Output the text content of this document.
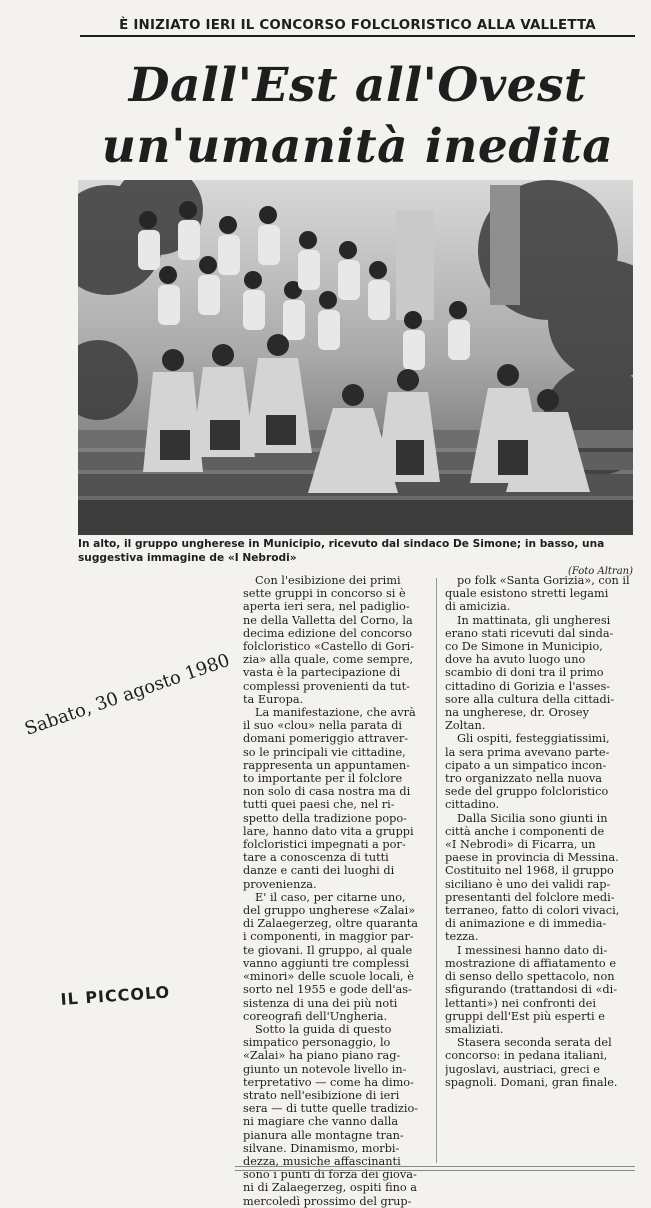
È INIZIATO IERI IL CONCORSO FOLCLORISTICO ALLA VALLETTA
Dall'Est all'Ovest
un'umanità inedita
In alto, il gruppo ungherese in Municipio, ricevuto dal sindaco De Simone; in basso, una
suggestiva immagine de «I Nebrodi»
(Foto Altran)
Sabato, 30 agosto 1980
IL PICCOLO

Con l'esibizione dei primi
sette gruppi in concorso si è
aperta ieri sera, nel padiglio-
ne della Valletta del Corno, la
decima edizione del concorso
folcloristico «Castello di Gori-
zia» alla quale, come sempre,
vasta è la partecipazione di
complessi provenienti da tut-
ta Europa.

La manifestazione, che avrà
il suo «clou» nella parata di
domani pomeriggio attraver-
so le principali vie cittadine,
rappresenta un appuntamen-
to importante per il folclore
non solo di casa nostra ma di
tutti quei paesi che, nel ri-
spetto della tradizione popo-
lare, hanno dato vita a gruppi
folcloristici impegnati a por-
tare a conoscenza di tutti
danze e canti dei luoghi di
provenienza.

E' il caso, per citarne uno,
del gruppo ungherese «Zalai»
di Zalaegerzeg, oltre quaranta
i componenti, in maggior par-
te giovani. Il gruppo, al quale
vanno aggiunti tre complessi
«minori» delle scuole locali, è
sorto nel 1955 e gode dell'as-
sistenza di una dei più noti
coreografi dell'Ungheria.

Sotto la guida di questo
simpatico personaggio, lo
«Zalai» ha piano piano rag-
giunto un notevole livello in-
terpretativo — come ha dimo-
strato nell'esibizione di ieri
sera — di tutte quelle tradizio-
ni magiare che vanno dalla
pianura alle montagne tran-
silvane. Dinamismo, morbi-
dezza, musiche affascinanti
sono i punti di forza dei giova-
ni di Zalaegerzeg, ospiti fino a
mercoledì prossimo del grup-

po folk «Santa Gorizia», con il
quale esistono stretti legami
di amicizia.

In mattinata, gli ungheresi
erano stati ricevuti dal sinda-
co De Simone in Municipio,
dove ha avuto luogo uno
scambio di doni tra il primo
cittadino di Gorizia e l'asses-
sore alla cultura della cittadi-
na ungherese, dr. Orosey
Zoltan.

Gli ospiti, festeggiatissimi,
la sera prima avevano parte-
cipato a un simpatico incon-
tro organizzato nella nuova
sede del gruppo folcloristico
cittadino.

Dalla Sicilia sono giunti in
città anche i componenti de
«I Nebrodi» di Ficarra, un
paese in provincia di Messina.
Costituito nel 1968, il gruppo
siciliano è uno dei validi rap-
presentanti del folclore medi-
terraneo, fatto di colori vivaci,
di animazione e di immedia-
tezza.

I messinesi hanno dato di-
mostrazione di affiatamento e
di senso dello spettacolo, non
sfigurando (trattandosi di «di-
lettanti») nei confronti dei
gruppi dell'Est più esperti e
smaliziati.

Stasera seconda serata del
concorso: in pedana italiani,
jugoslavi, austriaci, greci e
spagnoli. Domani, gran finale.
